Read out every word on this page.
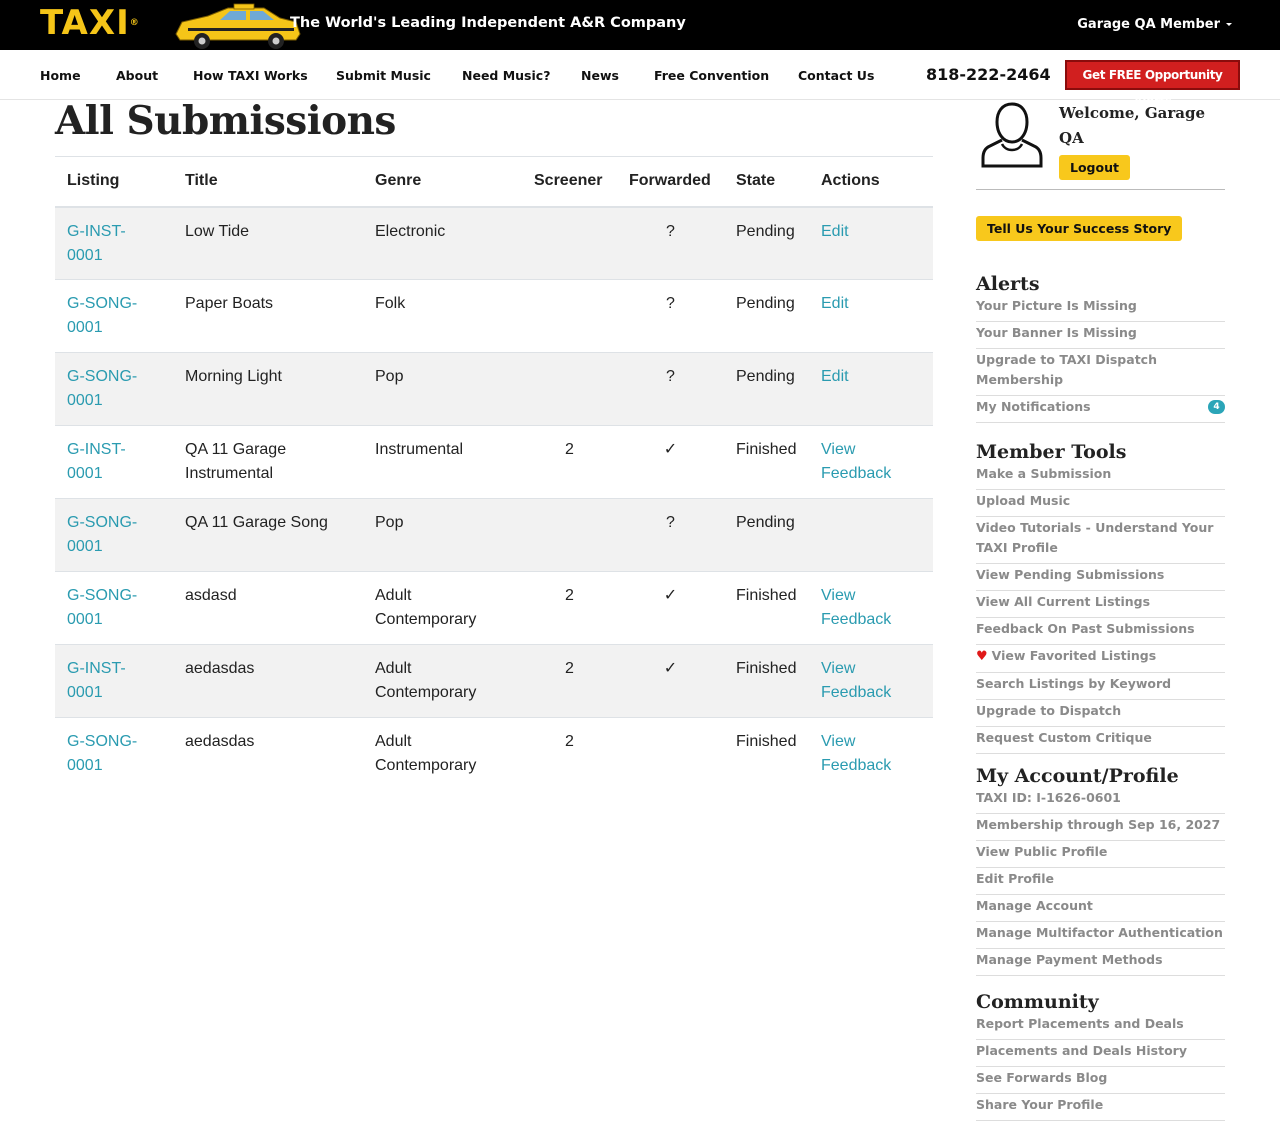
TAXI®	The World's Leading Independent A&R Company	Garage QA Member
Home	About	How TAXI Works Submit Music Need Music? News	Free Convention Contact Us	818-222-2464	Get FREE Opportunity Alerts
All Submissions
Listing	Title	Genre	Screener	Forwarded	State	Actions
G-INST-0001	Low Tide	Electronic		?	Pending	Edit
G-SONG-0001	Paper Boats	Folk		?	Pending	Edit
G-SONG-0001	Morning Light	Pop		?	Pending	Edit
G-INST-0001	QA 11 Garage Instrumental	Instrumental	2	✓	Finished	View Feedback
G-SONG-0001	QA 11 Garage Song	Pop		?	Pending	
G-SONG-0001	asdasd	Adult Contemporary	2	✓	Finished	View Feedback
G-INST-0001	aedasdas	Adult Contemporary	2	✓	Finished	View Feedback
G-SONG-0001	aedasdas	Adult Contemporary	2		Finished	View Feedback
Welcome, Garage QA
Logout
Tell Us Your Success Story
Alerts
Your Picture Is Missing
Your Banner Is Missing
Upgrade to TAXI Dispatch Membership
My Notifications	4
Member Tools
Make a Submission
Upload Music
Video Tutorials - Understand Your TAXI Profile
View Pending Submissions
View All Current Listings
Feedback On Past Submissions
♥ View Favorited Listings
Search Listings by Keyword
Upgrade to Dispatch
Request Custom Critique
My Account/Profile
TAXI ID: I-1626-0601
Membership through Sep 16, 2027
View Public Profile
Edit Profile
Manage Account
Manage Multifactor Authentication
Manage Payment Methods
Community
Report Placements and Deals
Placements and Deals History
See Forwards Blog
Share Your Profile
